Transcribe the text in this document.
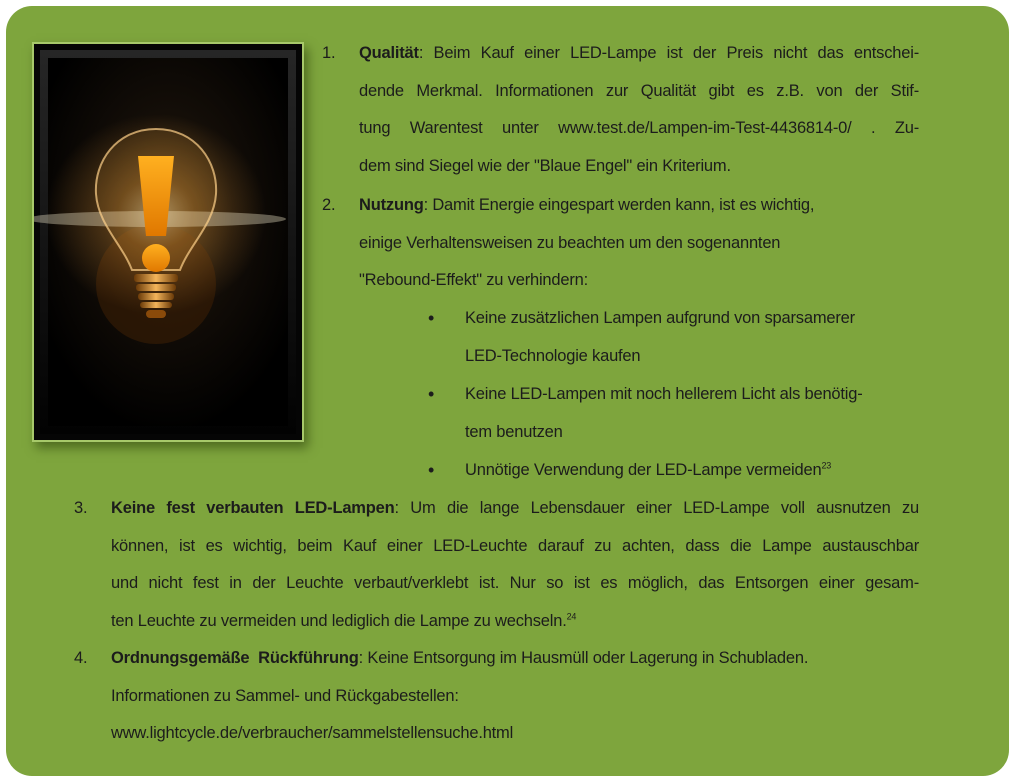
1.	Qualität: Beim Kauf einer LED-Lampe ist der Preis nicht das entschei-
dende Merkmal. Informationen zur Qualität gibt es z.B. von der Stif-
tung Warentest unter www.test.de/Lampen-im-Test-4436814-0/ . Zu-
dem sind Siegel wie der "Blaue Engel" ein Kriterium.
2.	Nutzung: Damit Energie eingespart werden kann, ist es wichtig,
einige Verhaltensweisen zu beachten um den sogenannten
"Rebound-Effekt" zu verhindern:
• Keine zusätzlichen Lampen aufgrund von sparsamerer
LED-Technologie kaufen
• Keine LED-Lampen mit noch hellerem Licht als benötig-
tem benutzen
• Unnötige Verwendung der LED-Lampe vermeiden$^{23}$
3.	Keine fest verbauten LED-Lampen: Um die lange Lebensdauer einer LED-Lampe voll ausnutzen zu
können, ist es wichtig, beim Kauf einer LED-Leuchte darauf zu achten, dass die Lampe austauschbar
und nicht fest in der Leuchte verbaut/verklebt ist. Nur so ist es möglich, das Entsorgen einer gesam-
ten Leuchte zu vermeiden und lediglich die Lampe zu wechseln.$^{24}$
4.	Ordnungsgemäße  Rückführung: Keine Entsorgung im Hausmüll oder Lagerung in Schubladen.
Informationen zu Sammel- und Rückgabestellen:
www.lightcycle.de/verbraucher/sammelstellensuche.html
